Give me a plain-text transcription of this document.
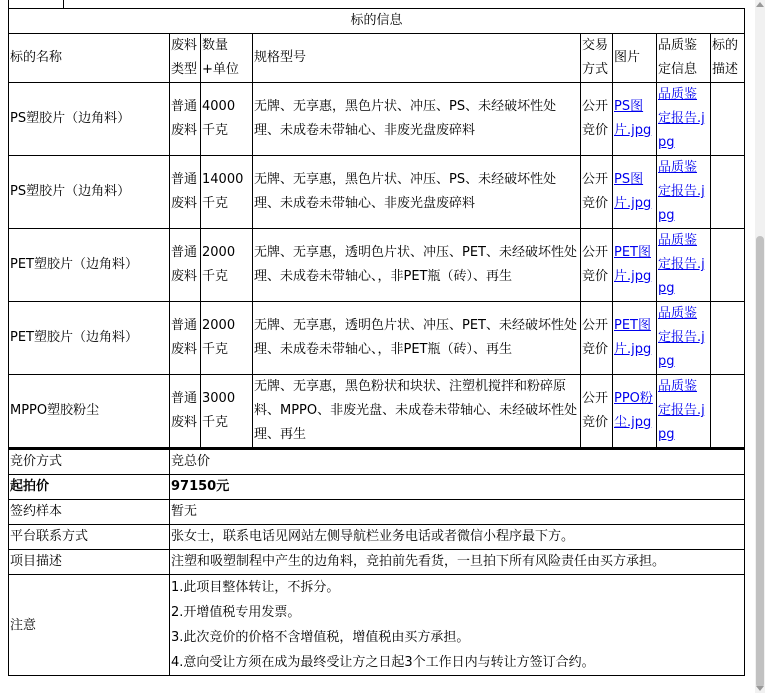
标的信息							
标的名称	废料类型	数量+单位	规格型号	交易方式	图片	品质鉴定信息	标的描述
PS塑胶片（边角料）	普通废料	4000 千克	无牌、无享惠，黑色片状、冲压、PS、未经破坏性处理、未成卷未带轴心、非废光盘废碎料	公开竞价	PS图片.jpg	品质鉴定报告.jpg	
PS塑胶片（边角料）	普通废料	14000 千克	无牌、无享惠，黑色片状、冲压、PS、未经破坏性处理、未成卷未带轴心、非废光盘废碎料	公开竞价	PS图片.jpg	品质鉴定报告.jpg	
PET塑胶片（边角料）	普通废料	2000 千克	无牌、无享惠，透明色片状、冲压、PET、未经破坏性处理、未成卷未带轴心、，非PET瓶（砖）、再生	公开竞价	PET图片.jpg	品质鉴定报告.jpg	
PET塑胶片（边角料）	普通废料	2000 千克	无牌、无享惠，透明色片状、冲压、PET、未经破坏性处理、未成卷未带轴心、，非PET瓶（砖）、再生	公开竞价	PET图片.jpg	品质鉴定报告.jpg	
MPPO塑胶粉尘	普通废料	3000 千克	无牌、无享惠，黑色粉状和块状、注塑机搅拌和粉碎原料、MPPO、非废光盘、未成卷未带轴心、未经破坏性处理、再生	公开竞价	PPO粉尘.jpg	品质鉴定报告.jpg	
竞价方式	竞总价
起拍价	97150元
签约样本	暂无
平台联系方式	张女士，联系电话见网站左侧导航栏业务电话或者微信小程序最下方。
项目描述	注塑和吸塑制程中产生的边角料，竞拍前先看货，一旦拍下所有风险责任由买方承担。
注意	1.此项目整体转让，不拆分。
2.开增值税专用发票。
3.此次竞价的价格不含增值税，增值税由买方承担。
4.意向受让方须在成为最终受让方之日起3个工作日内与转让方签订合约。
